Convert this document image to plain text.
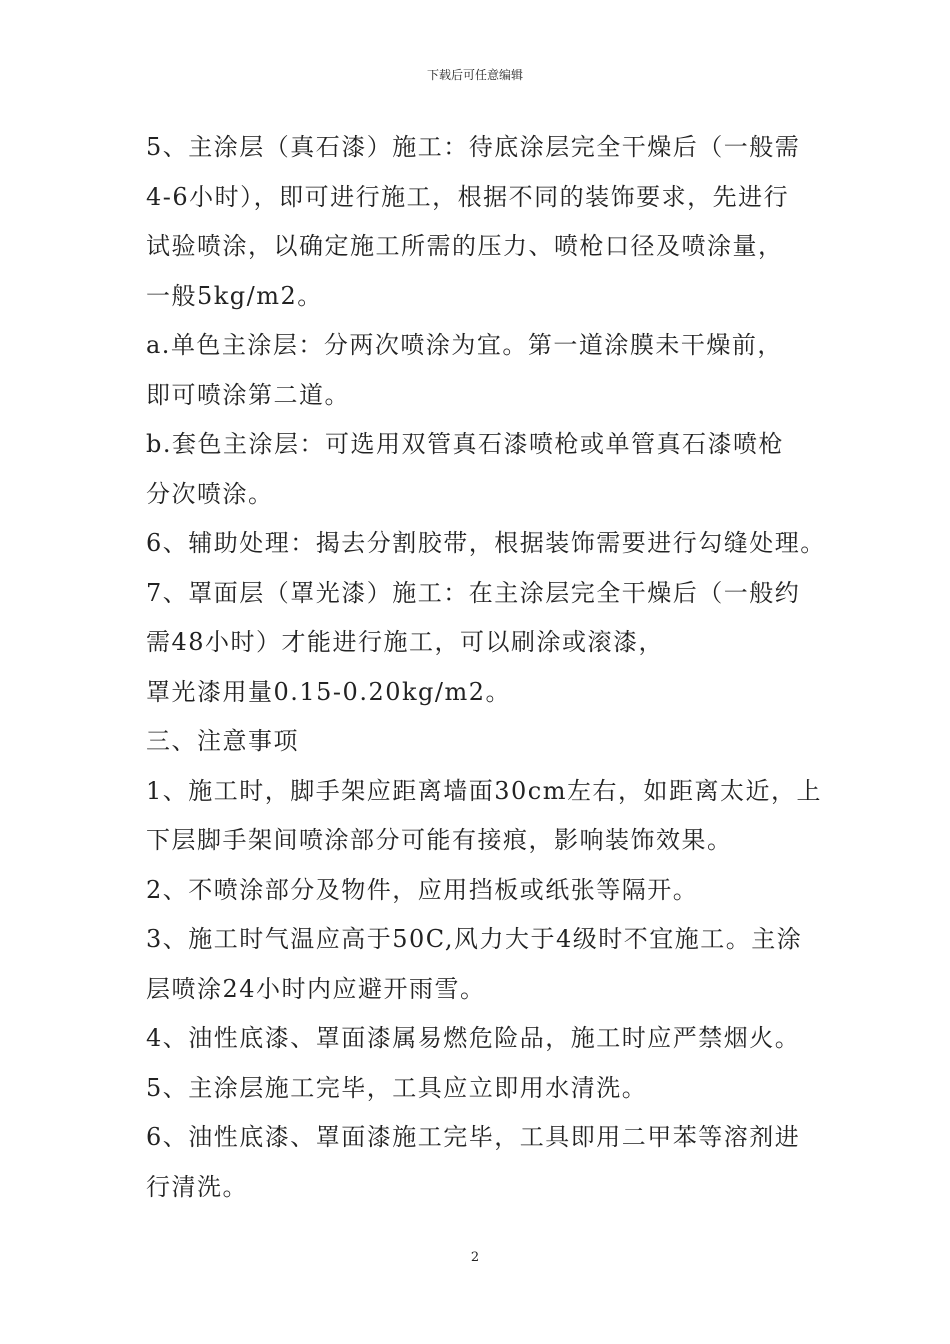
下载后可任意编辑
5、主涂层（真石漆）施工：待底涂层完全干燥后（一般需
4-6小时），即可进行施工，根据不同的装饰要求，先进行
试验喷涂，以确定施工所需的压力、喷枪口径及喷涂量，
一般5kg/m2。
a.单色主涂层：分两次喷涂为宜。第一道涂膜未干燥前，
即可喷涂第二道。
b.套色主涂层：可选用双管真石漆喷枪或单管真石漆喷枪
分次喷涂。
6、辅助处理：揭去分割胶带，根据装饰需要进行勾缝处理。
7、罩面层（罩光漆）施工：在主涂层完全干燥后（一般约
需48小时）才能进行施工，可以刷涂或滚漆，
罩光漆用量0.15-0.20kg/m2。
三、注意事项
1、施工时，脚手架应距离墙面30cm左右，如距离太近，上
下层脚手架间喷涂部分可能有接痕，影响装饰效果。
2、不喷涂部分及物件，应用挡板或纸张等隔开。
3、施工时气温应高于50C,风力大于4级时不宜施工。主涂
层喷涂24小时内应避开雨雪。
4、油性底漆、罩面漆属易燃危险品，施工时应严禁烟火。
5、主涂层施工完毕，工具应立即用水清洗。
6、油性底漆、罩面漆施工完毕，工具即用二甲苯等溶剂进
行清洗。
2
